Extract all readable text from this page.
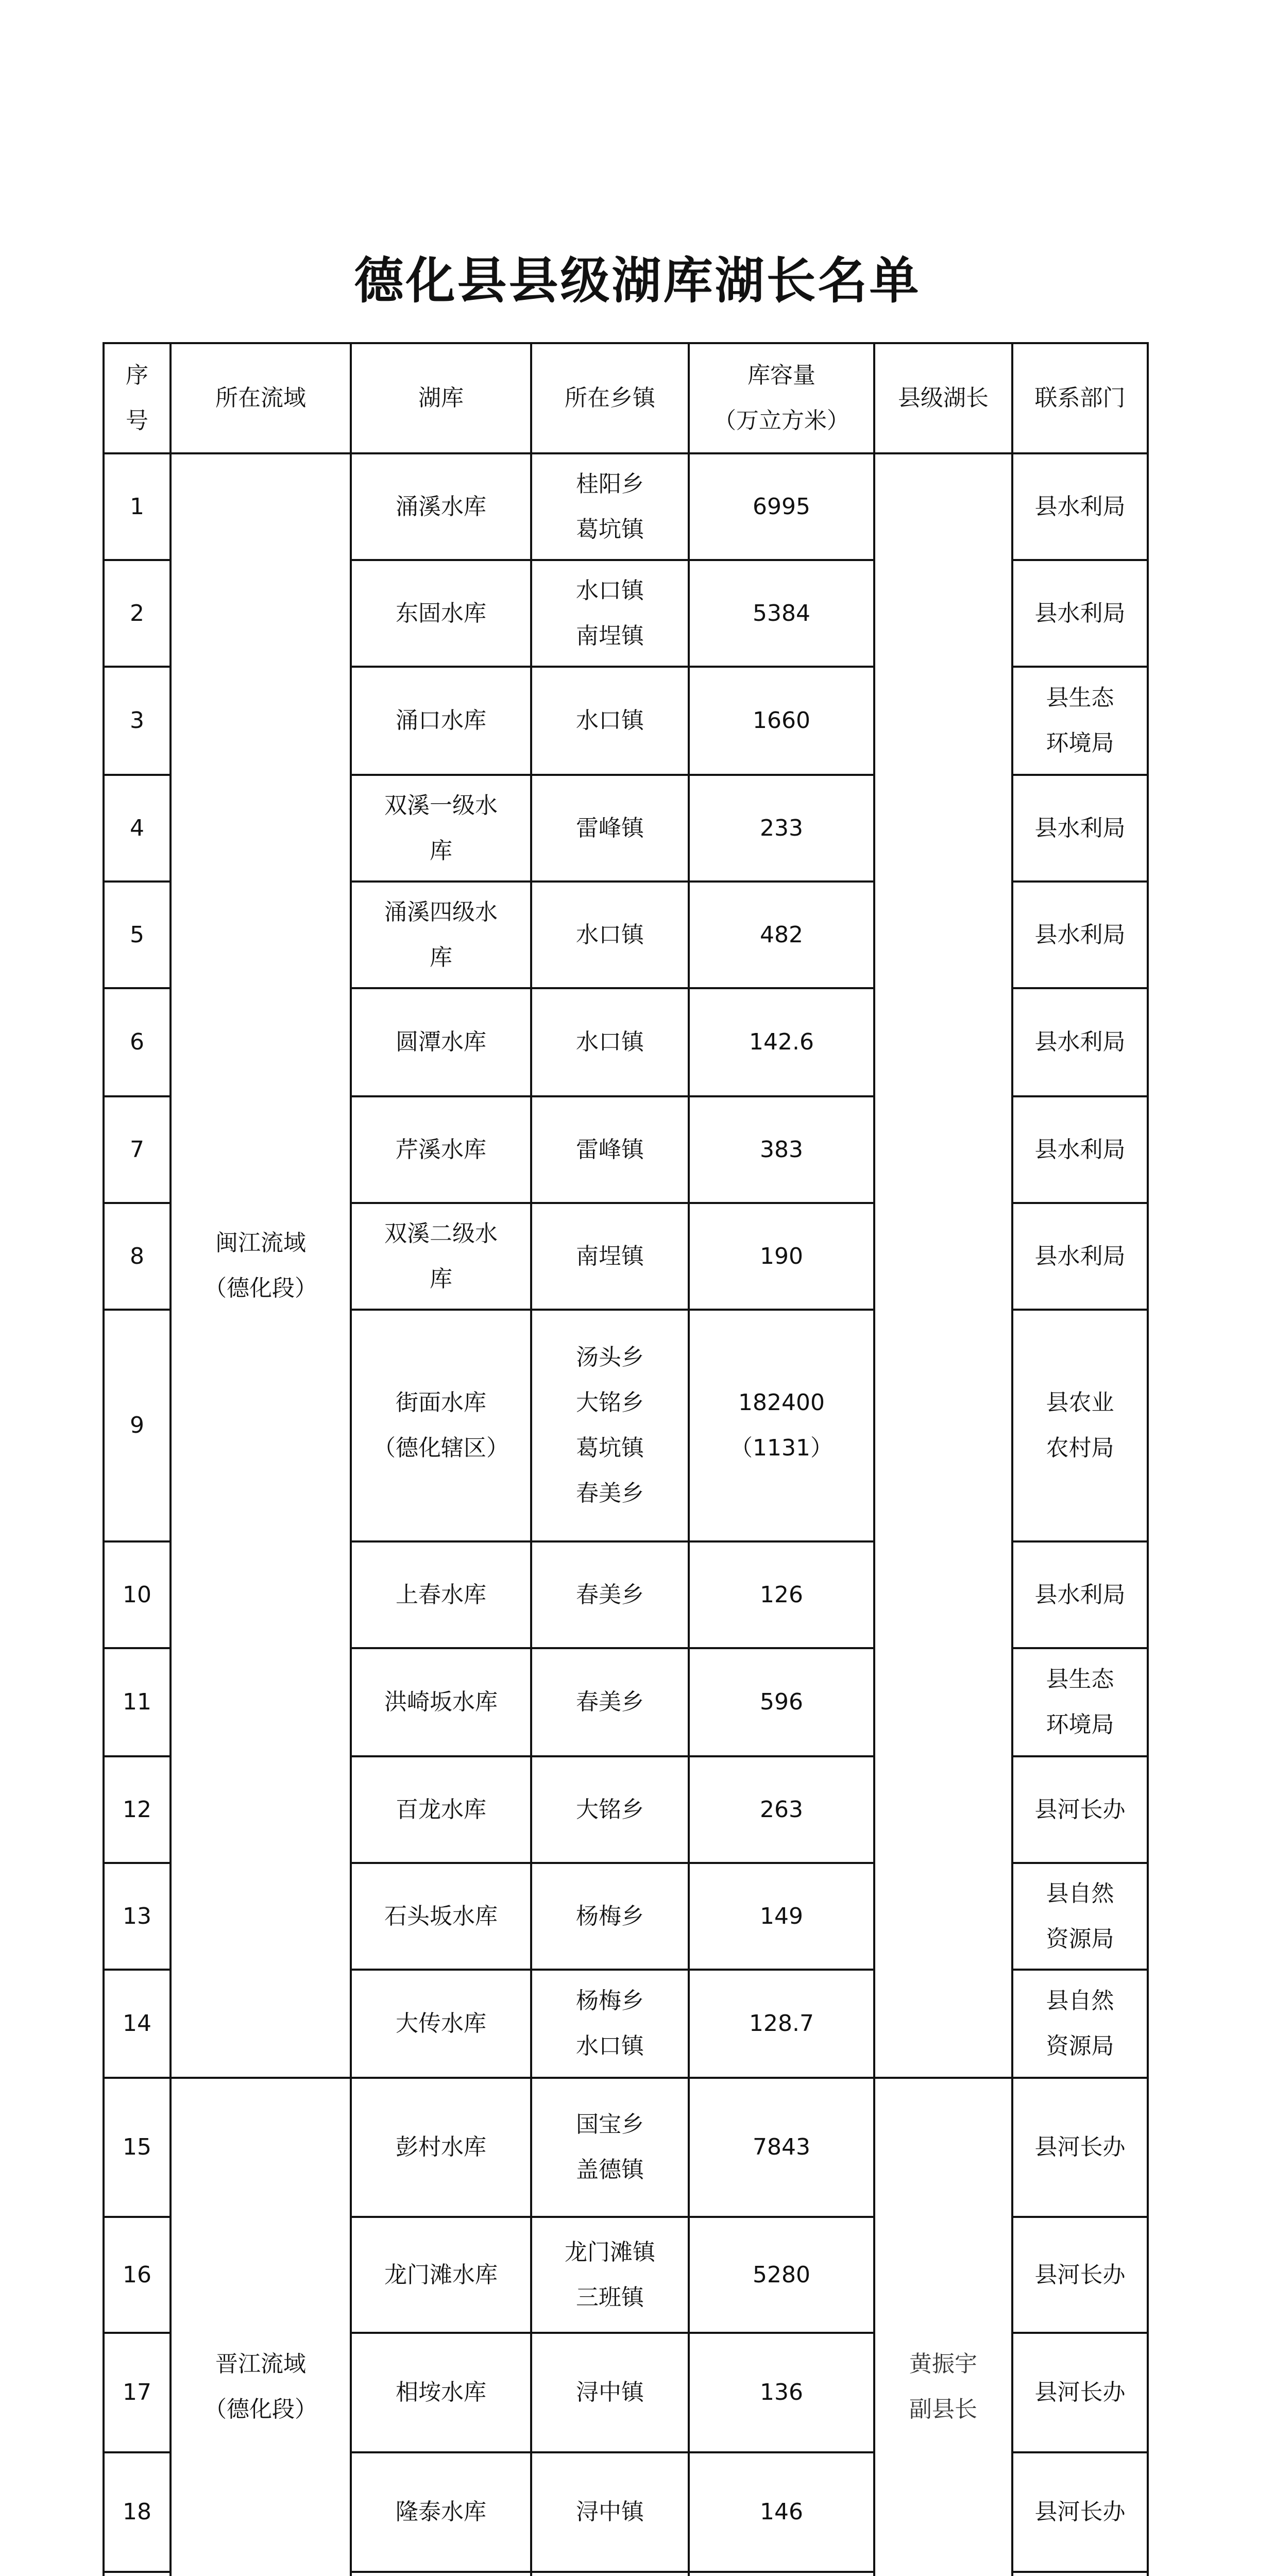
德化县县级湖库湖长名单
序
号	所在流域	湖库	所在乡镇	库容量
（万立方米）	县级湖长	联系部门

1	闽江流域
（德化段）	涌溪水库	桂阳乡
葛坑镇	6995		县水利局

2		东固水库	水口镇
南埕镇	5384		县水利局

3		涌口水库	水口镇	1660		县生态
环境局

4		双溪一级水
库	雷峰镇	233		县水利局

5		涌溪四级水
库	水口镇	482		县水利局

6		圆潭水库	水口镇	142.6		县水利局

7		芹溪水库	雷峰镇	383		县水利局

8		双溪二级水
库	南埕镇	190		县水利局

9		街面水库
（德化辖区）	汤头乡
大铭乡
葛坑镇
春美乡	182400
（1131）		县农业
农村局

10		上春水库	春美乡	126		县水利局

11		洪崎坂水库	春美乡	596		县生态
环境局

12		百龙水库	大铭乡	263		县河长办

13		石头坂水库	杨梅乡	149		县自然
资源局

14		大传水库	杨梅乡
水口镇	128.7		县自然
资源局

15	晋江流域
（德化段）	彭村水库	国宝乡
盖德镇	7843	黄振宇
副县长	县河长办

16		龙门滩水库	龙门滩镇
三班镇	5280		县河长办

17		相垵水库	浔中镇	136		县河长办

18		隆泰水库	浔中镇	146		县河长办
